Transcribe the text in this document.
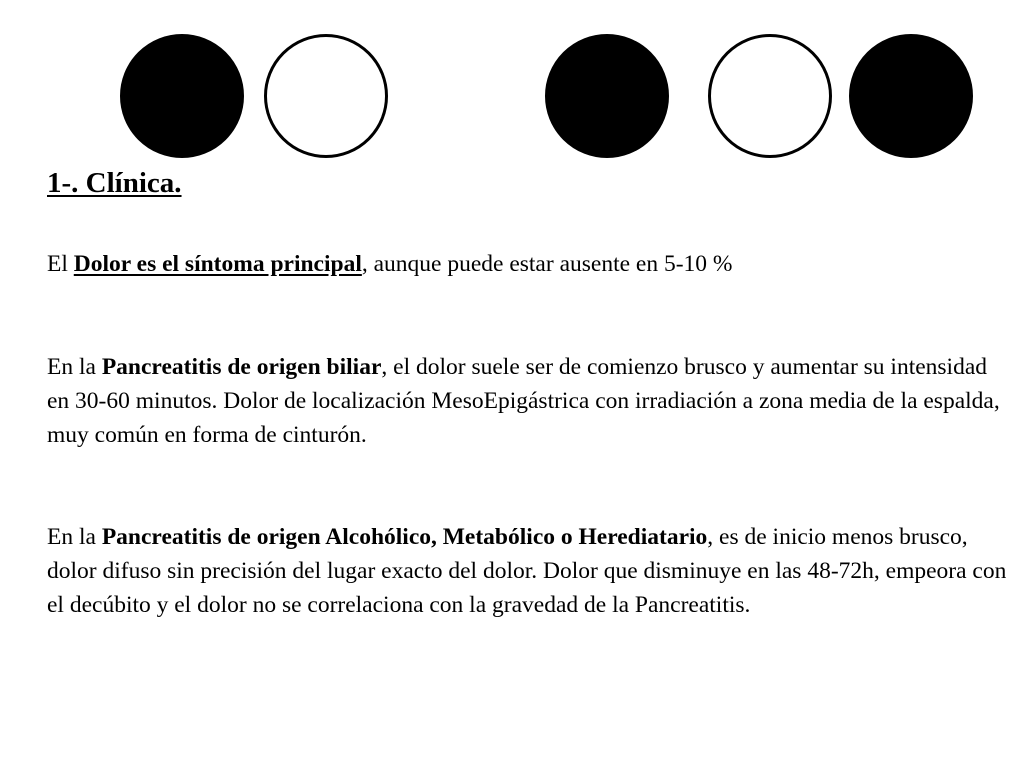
1-. Clínica.

El Dolor es el síntoma principal, aunque puede estar ausente en 5-10 %

En la Pancreatitis de origen biliar, el dolor suele ser de comienzo brusco y aumentar su intensidad en 30-60 minutos. Dolor de localización MesoEpigástrica con irradiación a zona media de la espalda, muy común en forma de cinturón.

En la Pancreatitis de origen Alcohólico, Metabólico o Herediatario, es de inicio menos brusco, dolor difuso sin precisión del lugar exacto del dolor. Dolor que disminuye en las 48-72h, empeora con el decúbito y el dolor no se correlaciona con la gravedad de la Pancreatitis.
